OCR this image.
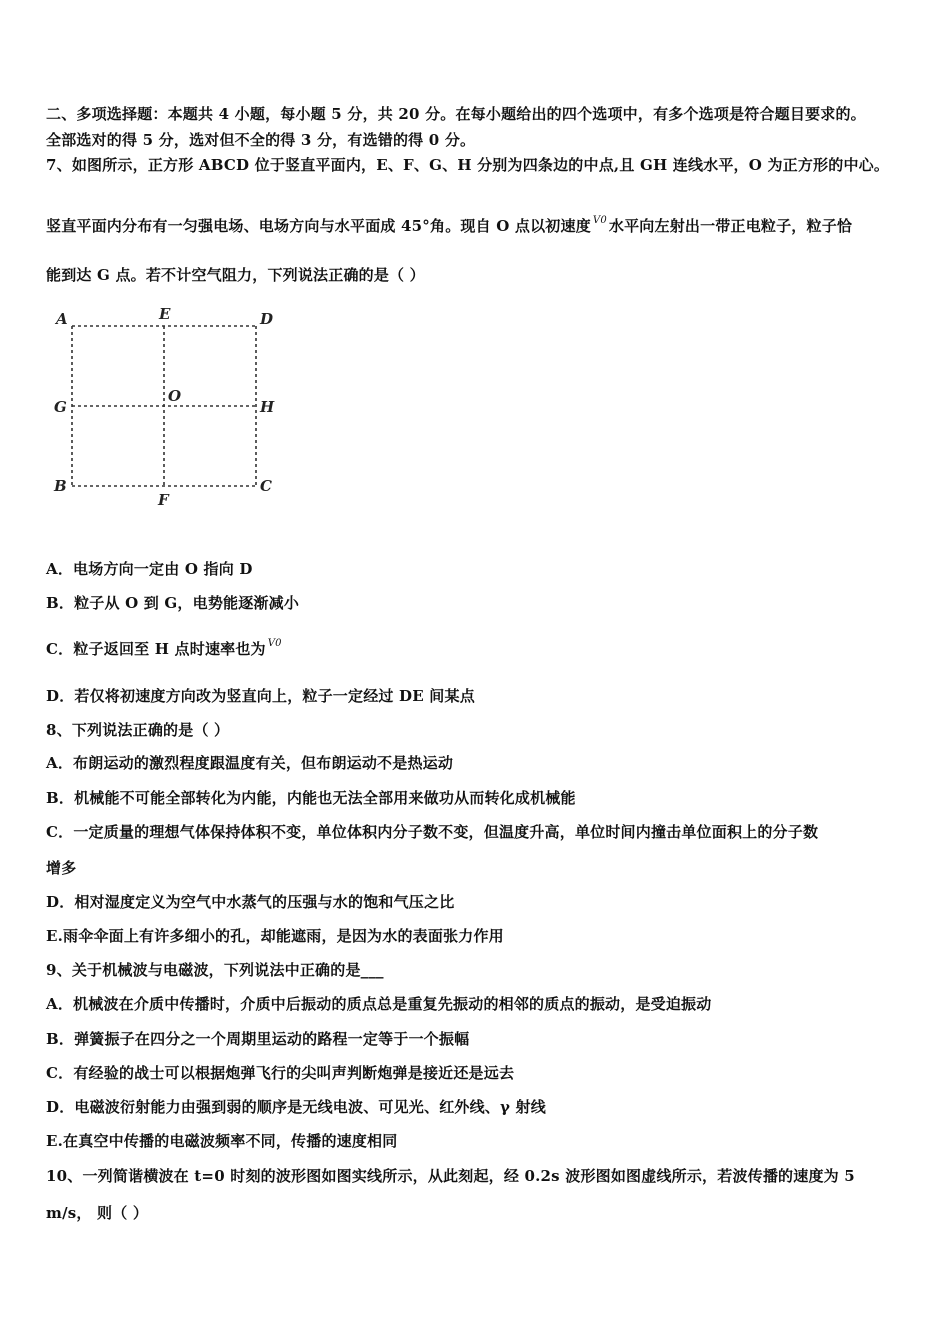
二、多项选择题：本题共 4 小题，每小题 5 分，共 20 分。在每小题给出的四个选项中，有多个选项是符合题目要求的。
全部选对的得 5 分，选对但不全的得 3 分，有选错的得 0 分。
7、如图所示，正方形 ABCD 位于竖直平面内，E、F、G、H 分别为四条边的中点,且 GH 连线水平，O 为正方形的中心。
竖直平面内分布有一匀强电场、电场方向与水平面成 45°角。现自 O 点以初速度 $^{V0}$ 水平向左射出一带正电粒子，粒子恰
能到达 G 点。若不计空气阻力，下列说法正确的是（ ）
A	E	D
G
O
H
B
F
C
A．电场方向一定由 O 指向 D
B．粒子从 O 到 G，电势能逐渐减小
C．粒子返回至 H 点时速率也为 $^{V0}$
D．若仅将初速度方向改为竖直向上，粒子一定经过 DE 间某点
8、下列说法正确的是（ ）
A．布朗运动的激烈程度跟温度有关，但布朗运动不是热运动
B．机械能不可能全部转化为内能，内能也无法全部用来做功从而转化成机械能
C．一定质量的理想气体保持体积不变，单位体积内分子数不变，但温度升高，单位时间内撞击单位面积上的分子数
增多
D．相对湿度定义为空气中水蒸气的压强与水的饱和气压之比
E.雨伞伞面上有许多细小的孔，却能遮雨，是因为水的表面张力作用
9、关于机械波与电磁波，下列说法中正确的是___
A．机械波在介质中传播时，介质中后振动的质点总是重复先振动的相邻的质点的振动，是受迫振动
B．弹簧振子在四分之一个周期里运动的路程一定等于一个振幅
C．有经验的战士可以根据炮弹飞行的尖叫声判断炮弹是接近还是远去
D．电磁波衍射能力由强到弱的顺序是无线电波、可见光、红外线、γ 射线
E.在真空中传播的电磁波频率不同，传播的速度相同
10、一列简谐横波在 t=0 时刻的波形图如图实线所示，从此刻起，经 0.2s 波形图如图虚线所示，若波传播的速度为 5
m/s， 则（ ）
